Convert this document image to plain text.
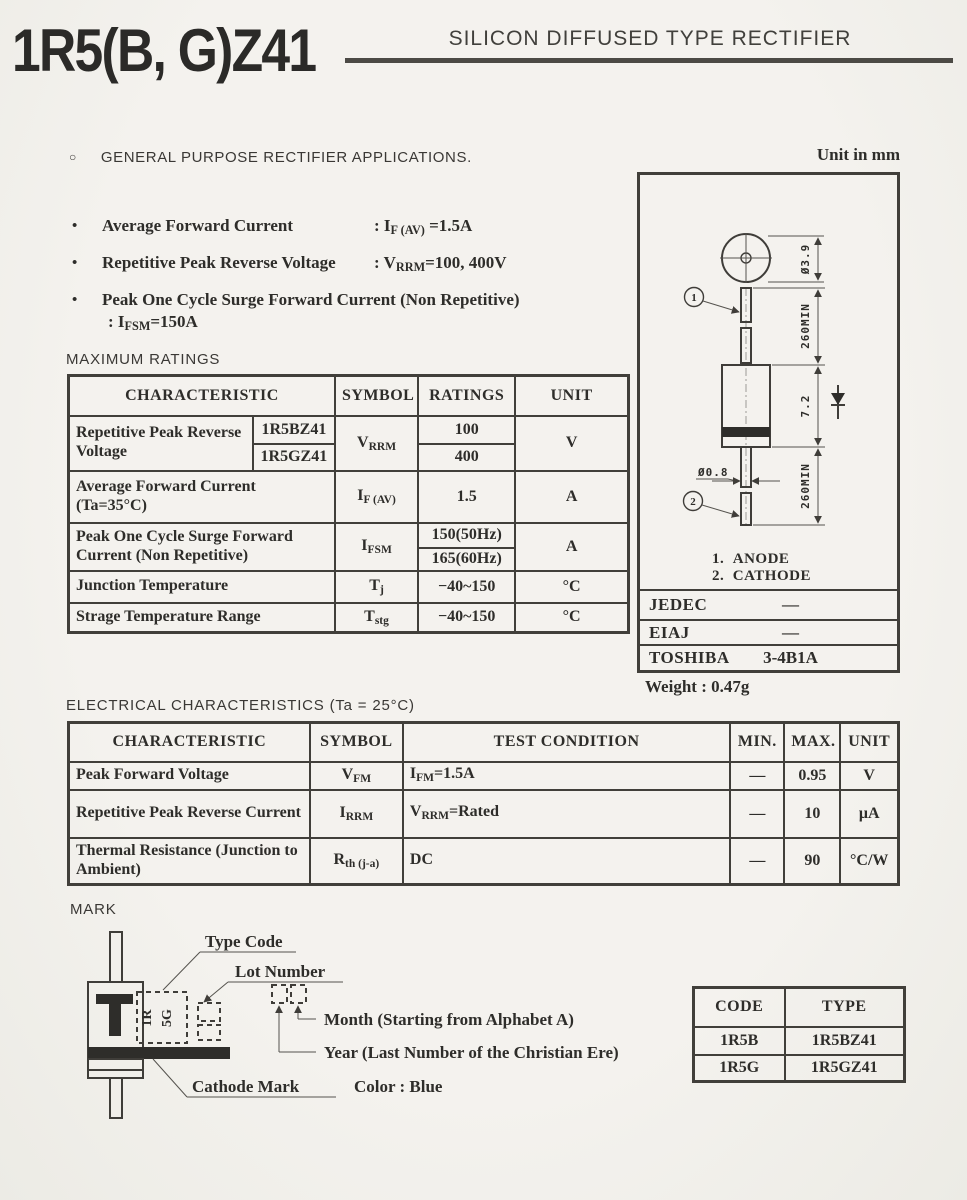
1R5(B, G)Z41	SILICON DIFFUSED TYPE RECTIFIER
○ GENERAL PURPOSE RECTIFIER APPLICATIONS.
•	Average Forward Current	: $I_{F (AV)} =1.5A$
•	Repetitive Peak Reverse Voltage	: $V_{RRM}=100$, 400V
•	Peak One Cycle Surge Forward Current (Non Repetitive)
: $I_{FSM}=150A$
MAXIMUM RATINGS
CHARACTERISTIC		SYMBOL	RATINGS	UNIT
Repetitive Peak Reverse Voltage	1R5BZ41	$V_{RRM}$	100	V
	1R5GZ41		400	
Average Forward Current (Ta=35°C)		$I_{F (AV)}$	1.5	A
Peak One Cycle Surge Forward Current (Non Repetitive)		$I_{FSM}$	150(50Hz)	A
			165(60Hz)	
Junction Temperature		$T_j$	−40~150	°C
Strage Temperature Range		$T_{stg}$	−40~150	°C
Unit in mm
Ø3.9
1
2
Ø0.8
260MIN
7.2
260MIN
1. ANODE
2. CATHODE
JEDEC	—
EIAJ	—
TOSHIBA	3-4B1A
Weight : 0.47g
ELECTRICAL CHARACTERISTICS (Ta = 25°C)
CHARACTERISTIC	SYMBOL	TEST CONDITION	MIN.	MAX.	UNIT
Peak Forward Voltage	$V_{FM}$	$I_{FM}=1.5A$	—	0.95	V
Repetitive Peak Reverse Current	$I_{RRM}$	$V_{RRM}=Rated$	—	10	μA
Thermal Resistance (Junction to Ambient)	$R_{th (j-a)}$	DC	—	90	°C/W
MARK
1R 5G
Type Code
Lot Number
Month (Starting from Alphabet A)
Year (Last Number of the Christian Ere)
Cathode Mark	Color : Blue
CODE	TYPE
1R5B	1R5BZ41
1R5G	1R5GZ41
